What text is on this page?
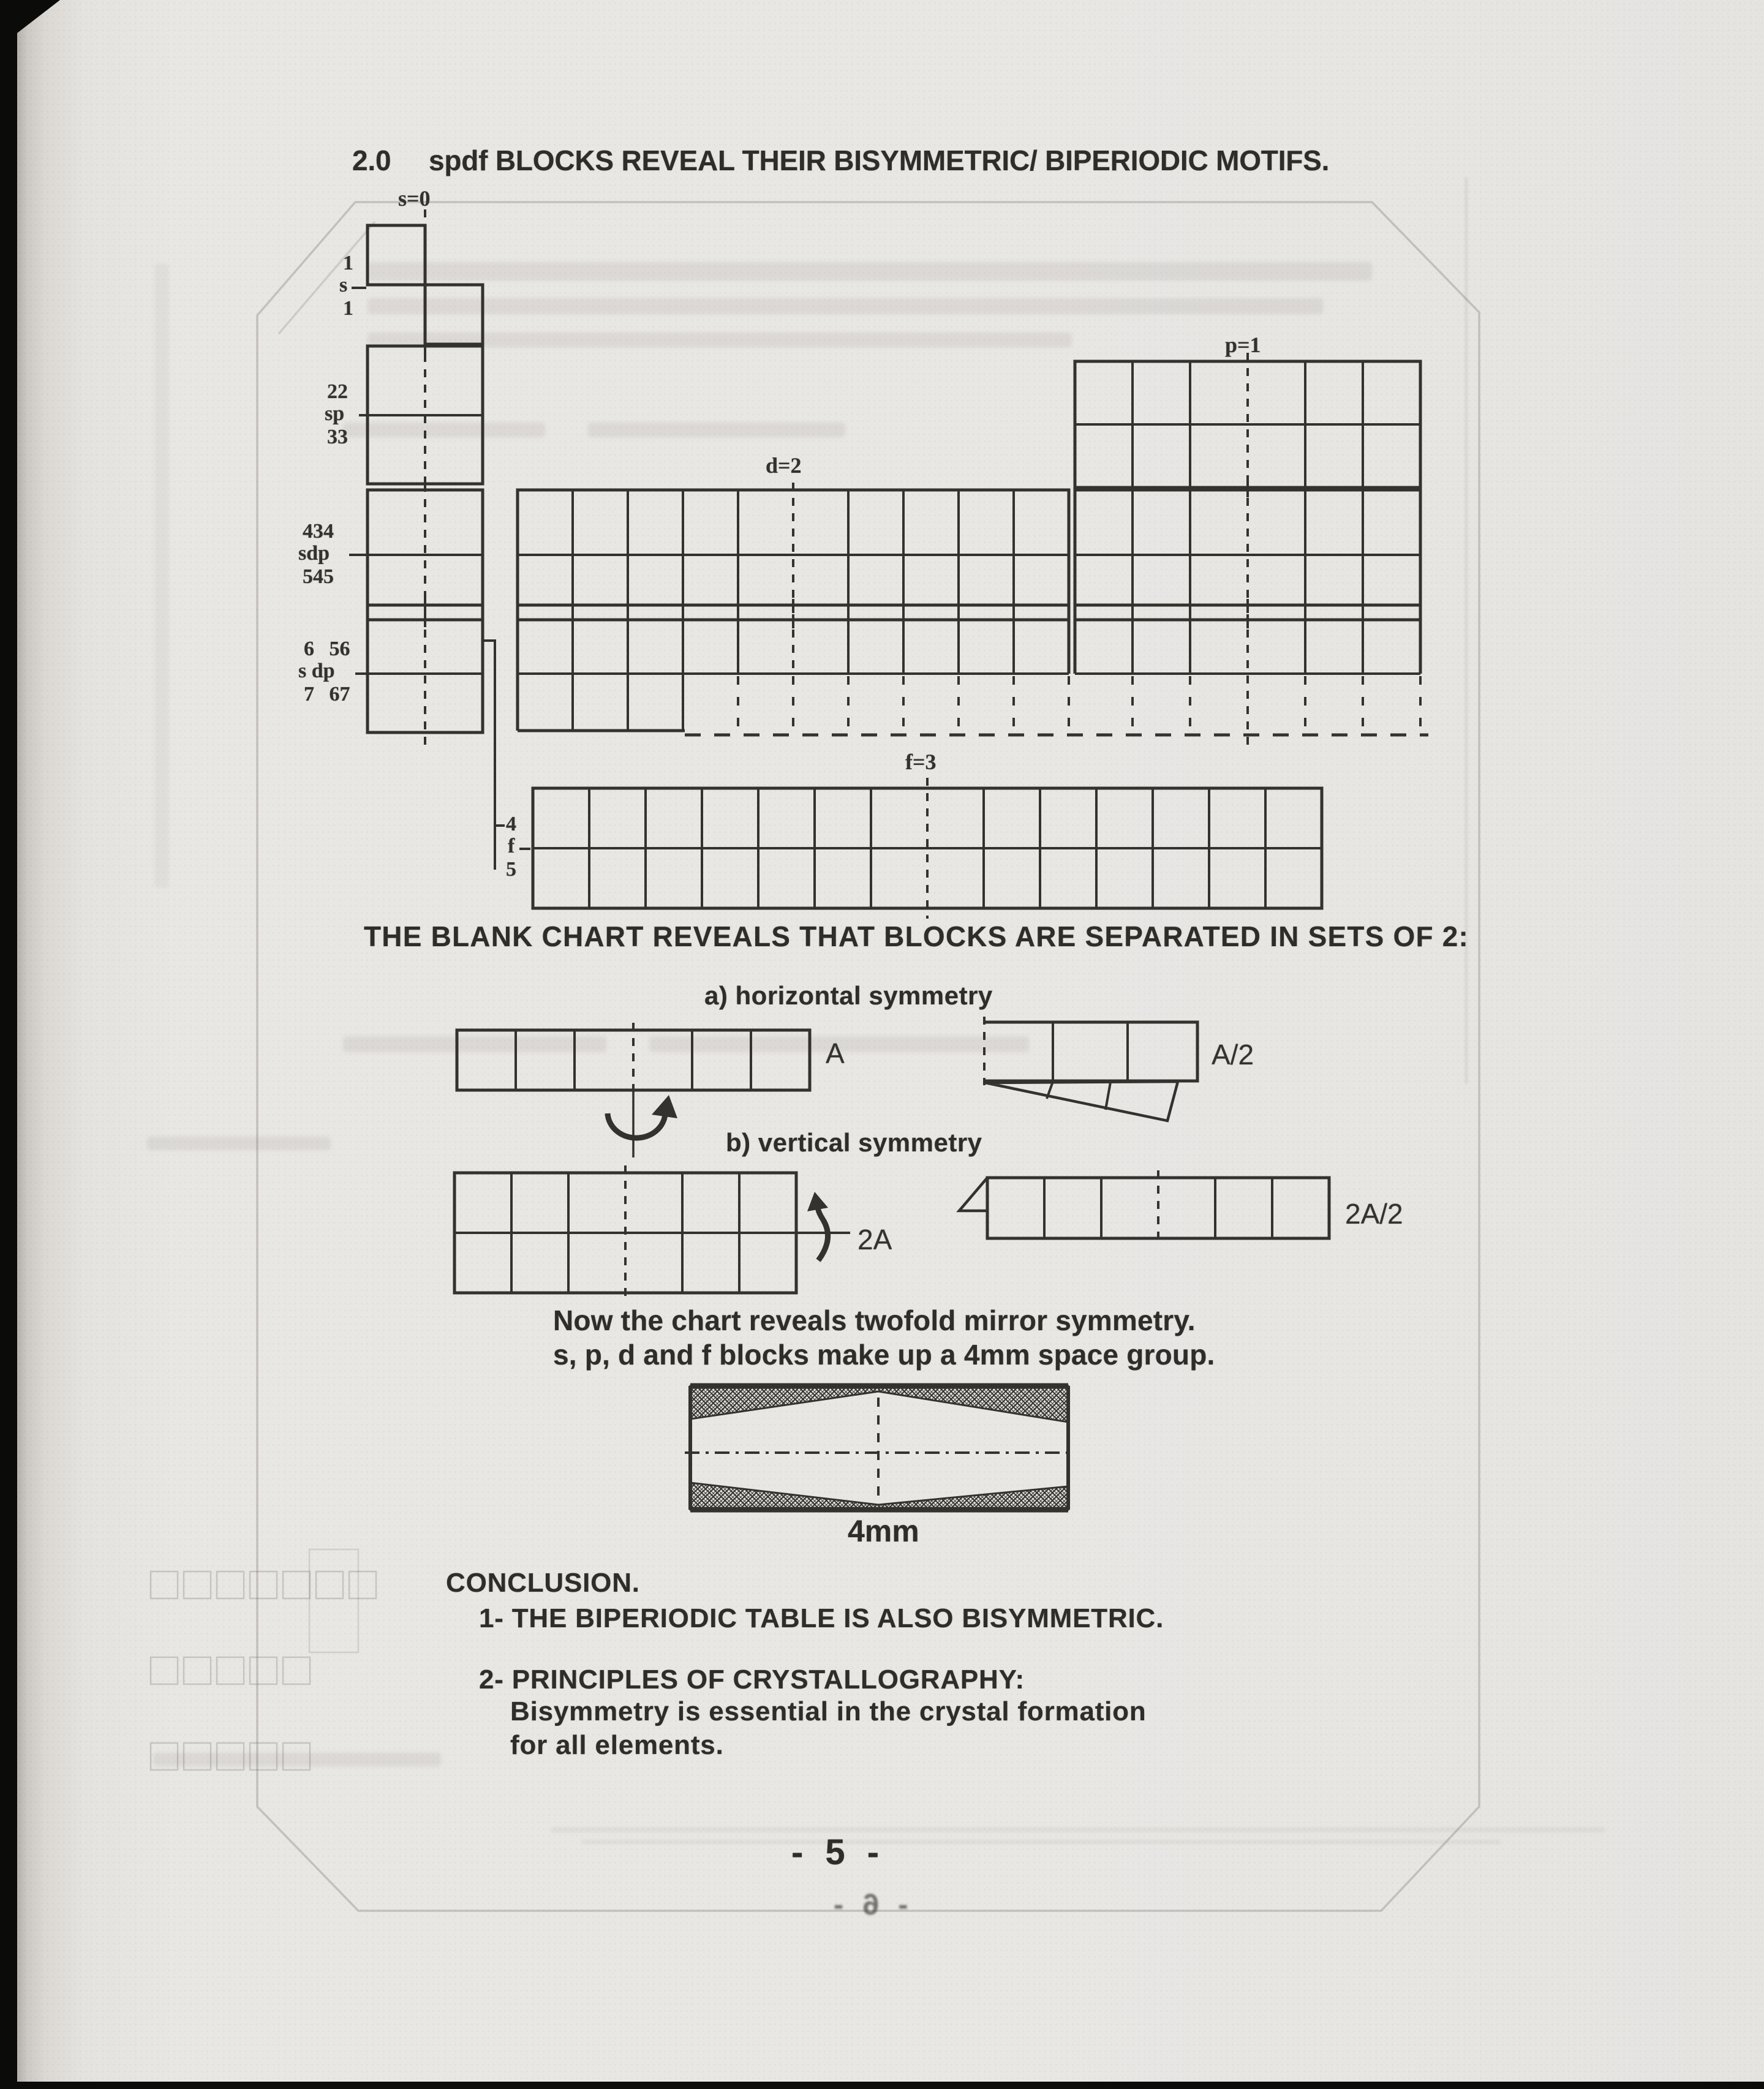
2.0 spdf BLOCKS REVEAL THEIR BISYMMETRIC/ BIPERIODIC MOTIFS.
s=0
p=1
d=2
f=3
1
s
1
22
sp
33
434
sdp
545
6 56
s dp
7 67
4
f
5
THE BLANK CHART REVEALS THAT BLOCKS ARE SEPARATED IN SETS OF 2:
a) horizontal symmetry
A	A/2
b) vertical symmetry
2A
2A/2
Now the chart reveals twofold mirror symmetry.
s, p, d and f blocks make up a 4mm space group.
4mm
CONCLUSION.
1- THE BIPERIODIC TABLE IS ALSO BISYMMETRIC.
2- PRINCIPLES OF CRYSTALLOGRAPHY:
Bisymmetry is essential in the crystal formation
for all elements.
- 5 -
- 6 -
